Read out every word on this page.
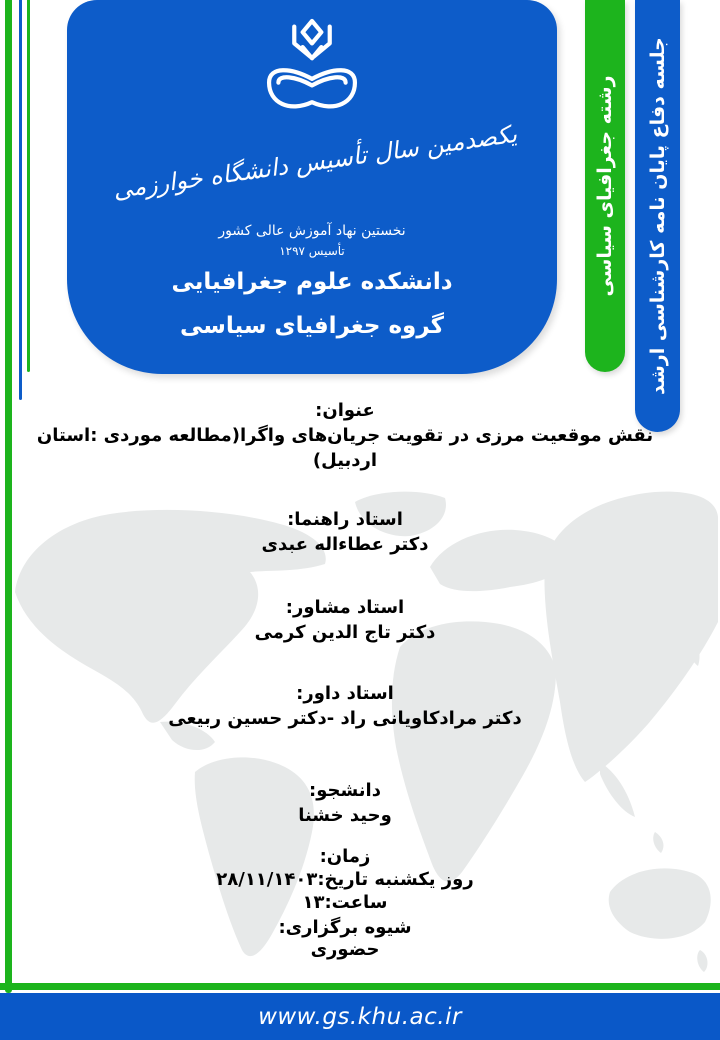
یکصدمین سال تأسیس دانشگاه خوارزمی
نخستین نهاد آموزش عالی کشور
تأسیس ۱۲۹۷
دانشکده علوم جغرافیایی
گروه جغرافیای سیاسی
رشته جغرافیای سیاسی	جلسه دفاع پایان نامه کارشناسی ارشد
عنوان:
نقش موقعیت مرزی در تقویت جریان‌های واگرا(مطالعه موردی :استان
اردبیل)
استاد راهنما:
دکتر عطاءاله عبدی
استاد مشاور:
دکتر تاج الدین کرمی
استاد داور:
دکتر مرادکاویانی راد -دکتر حسین ربیعی
دانشجو:
وحید خشنا
زمان:
روز یکشنبه تاریخ:۲۸/۱۱/۱۴۰۳
ساعت:۱۳
شیوه برگزاری:
حضوری
www.gs.khu.ac.ir
